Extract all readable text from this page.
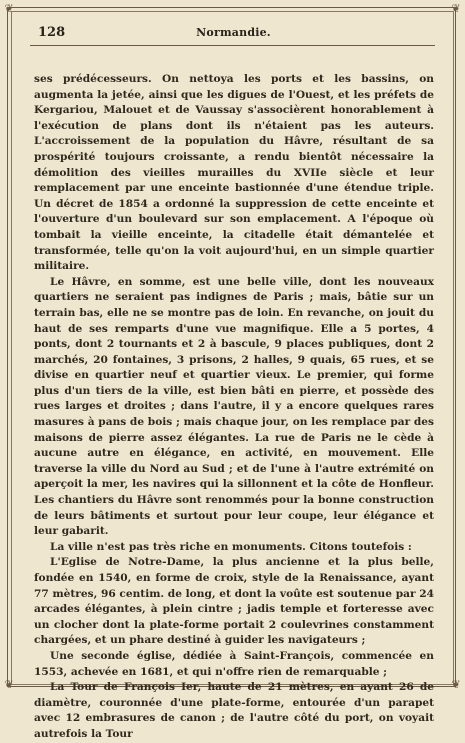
❦	❦
❦	❦
128	Normandie.

ses prédécesseurs. On nettoya les ports et les bassins, on augmenta la jetée, ainsi que les digues de l'Ouest, et les préfets de Kergariou, Malouet et de Vaussay s'associèrent honorablement à l'exécution de plans dont ils n'étaient pas les auteurs. L'accroissement de la population du Hâvre, résultant de sa prospérité toujours croissante, a rendu bientôt nécessaire la démolition des vieilles murailles du XVIIe siècle et leur remplacement par une enceinte bastionnée d'une étendue triple. Un décret de 1854 a ordonné la suppression de cette enceinte et l'ouverture d'un boulevard sur son emplacement. A l'époque où tombait la vieille enceinte, la citadelle était démantelée et transformée, telle qu'on la voit aujourd'hui, en un simple quartier militaire.

Le Hâvre, en somme, est une belle ville, dont les nouveaux quartiers ne seraient pas indignes de Paris ; mais, bâtie sur un terrain bas, elle ne se montre pas de loin. En revanche, on jouit du haut de ses remparts d'une vue magnifique. Elle a 5 portes, 4 ponts, dont 2 tournants et 2 à bascule, 9 places publiques, dont 2 marchés, 20 fontaines, 3 prisons, 2 halles, 9 quais, 65 rues, et se divise en quartier neuf et quartier vieux. Le premier, qui forme plus d'un tiers de la ville, est bien bâti en pierre, et possède des rues larges et droites ; dans l'autre, il y a encore quelques rares masures à pans de bois ; mais chaque jour, on les remplace par des maisons de pierre assez élégantes. La rue de Paris ne le cède à aucune autre en élégance, en activité, en mouvement. Elle traverse la ville du Nord au Sud ; et de l'une à l'autre extrémité on aperçoit la mer, les navires qui la sillonnent et la côte de Honfleur. Les chantiers du Hâvre sont renommés pour la bonne construction de leurs bâtiments et surtout pour leur coupe, leur élégance et leur gabarit.

La ville n'est pas très riche en monuments. Citons toutefois :

L'Eglise de Notre-Dame, la plus ancienne et la plus belle, fondée en 1540, en forme de croix, style de la Renaissance, ayant 77 mètres, 96 centim. de long, et dont la voûte est soutenue par 24 arcades élégantes, à plein cintre ; jadis temple et forteresse avec un clocher dont la plate-forme portait 2 coulevrines constamment chargées, et un phare destiné à guider les navigateurs ;

Une seconde église, dédiée à Saint-François, commencée en 1553, achevée en 1681, et qui n'offre rien de remarquable ;

La Tour de François Ier, haute de 21 mètres, en ayant 26 de diamètre, couronnée d'une plate-forme, entourée d'un parapet avec 12 embrasures de canon ; de l'autre côté du port, on voyait autrefois la Tour
